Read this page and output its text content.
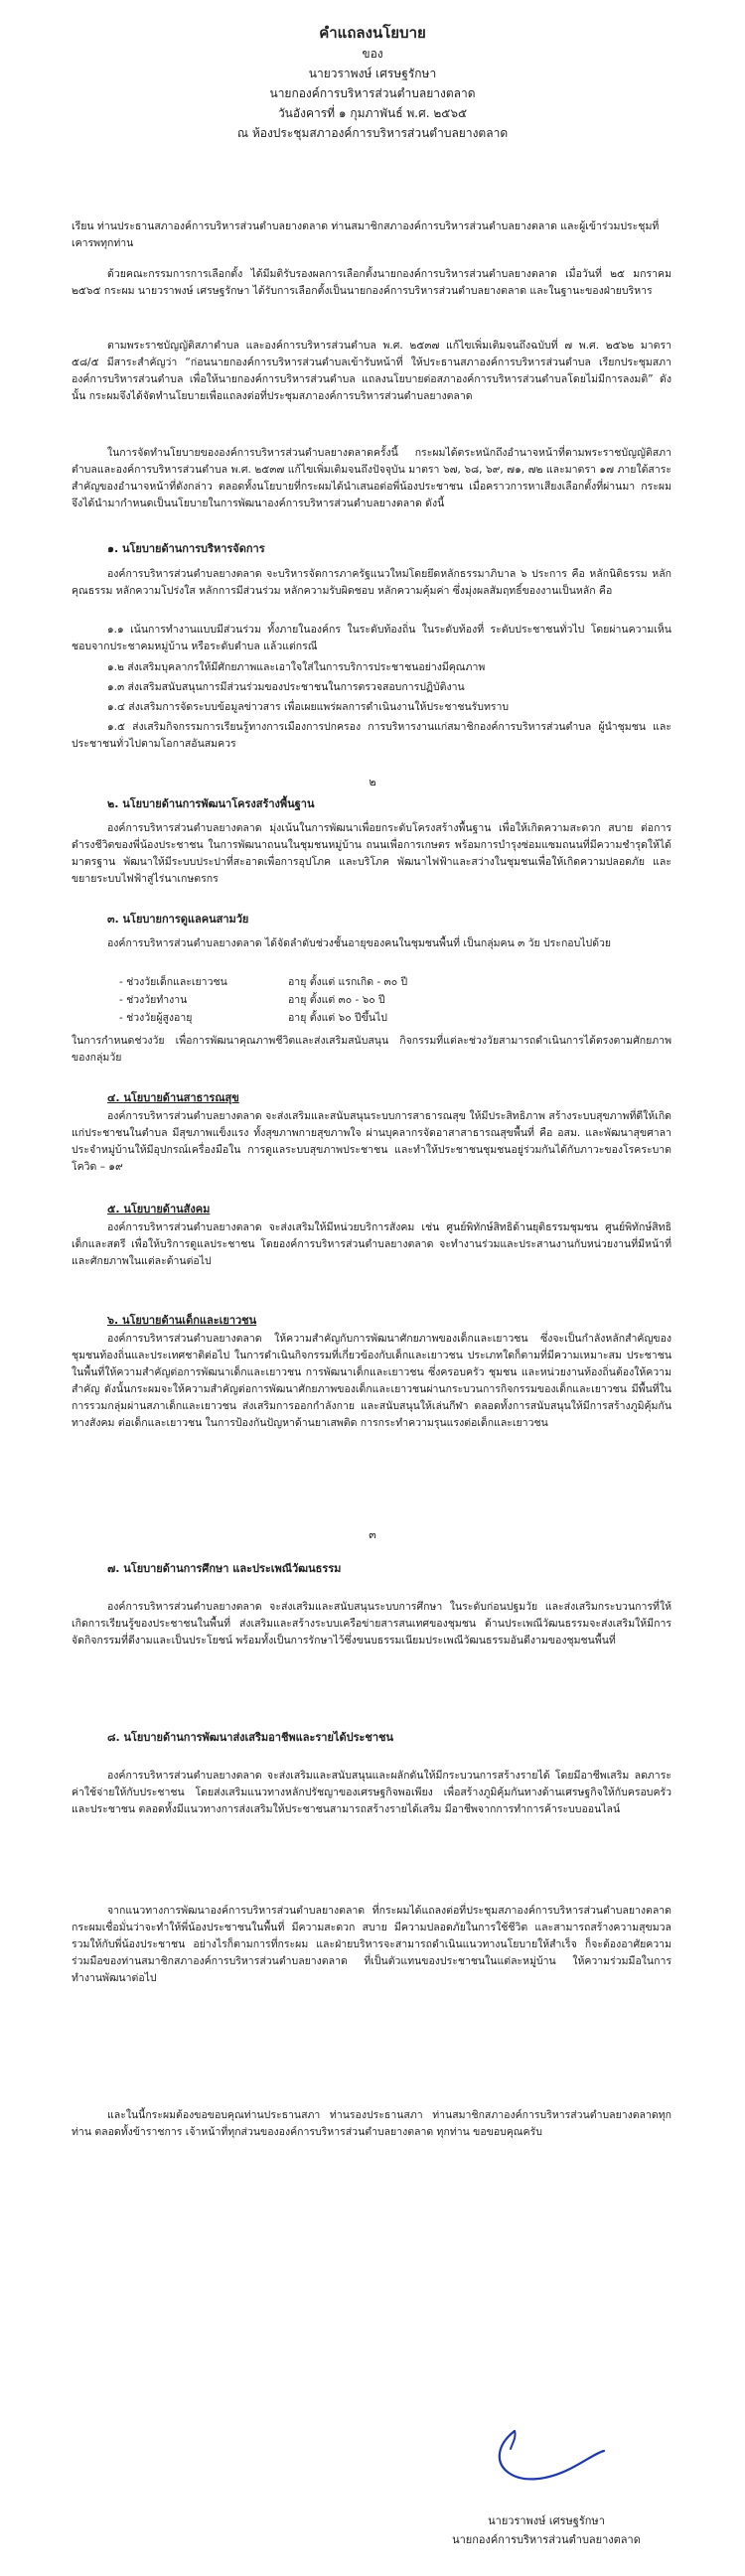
คำแถลงนโยบาย
ของ
นายวราพงษ์ เศรษฐรักษา
นายกองค์การบริหารส่วนตำบลยางตลาด
วันอังคารที่ ๑ กุมภาพันธ์ พ.ศ. ๒๕๖๕
ณ ห้องประชุมสภาองค์การบริหารส่วนตำบลยางตลาด
เรียน ท่านประธานสภาองค์การบริหารส่วนตำบลยางตลาด ท่านสมาชิกสภาองค์การบริหารส่วนตำบลยางตลาด และผู้เข้าร่วมประชุมที่เคารพทุกท่าน
ด้วยคณะกรรมการการเลือกตั้ง ได้มีมติรับรองผลการเลือกตั้งนายกองค์การบริหารส่วนตำบลยางตลาด เมื่อวันที่ ๒๕ มกราคม ๒๕๖๕ กระผม นายวราพงษ์ เศรษฐรักษา ได้รับการเลือกตั้งเป็นนายกองค์การบริหารส่วนตำบลยางตลาด และในฐานะของฝ่ายบริหาร
ตามพระราชบัญญัติสภาตำบล และองค์การบริหารส่วนตำบล พ.ศ. ๒๕๓๗ แก้ไขเพิ่มเติมจนถึงฉบับที่ ๗ พ.ศ. ๒๕๖๒ มาตรา ๕๘/๕ มีสาระสำคัญว่า “ก่อนนายกองค์การบริหารส่วนตำบลเข้ารับหน้าที่ ให้ประธานสภาองค์การบริหารส่วนตำบล เรียกประชุมสภาองค์การบริหารส่วนตำบล เพื่อให้นายกองค์การบริหารส่วนตำบล แถลงนโยบายต่อสภาองค์การบริหารส่วนตำบลโดยไม่มีการลงมติ” ดังนั้น กระผมจึงได้จัดทำนโยบายเพื่อแถลงต่อที่ประชุมสภาองค์การบริหารส่วนตำบลยางตลาด
ในการจัดทำนโยบายขององค์การบริหารส่วนตำบลยางตลาดครั้งนี้ กระผมได้ตระหนักถึงอำนาจหน้าที่ตามพระราชบัญญัติสภาตำบลและองค์การบริหารส่วนตำบล พ.ศ. ๒๕๓๗ แก้ไขเพิ่มเติมจนถึงปัจจุบัน มาตรา ๖๗, ๖๘, ๖๙, ๗๑, ๗๒ และมาตรา ๑๗ ภายใต้สาระสำคัญของอำนาจหน้าที่ดังกล่าว ตลอดทั้งนโยบายที่กระผมได้นำเสนอต่อพี่น้องประชาชน เมื่อคราวการหาเสียงเลือกตั้งที่ผ่านมา กระผมจึงได้นำมากำหนดเป็นนโยบายในการพัฒนาองค์การบริหารส่วนตำบลยางตลาด ดังนี้
๑. นโยบายด้านการบริหารจัดการ
องค์การบริหารส่วนตำบลยางตลาด จะบริหารจัดการภาครัฐแนวใหม่โดยยึดหลักธรรมาภิบาล ๖ ประการ คือ หลักนิติธรรม หลักคุณธรรม หลักความโปร่งใส หลักการมีส่วนร่วม หลักความรับผิดชอบ หลักความคุ้มค่า ซึ่งมุ่งผลสัมฤทธิ์ของงานเป็นหลัก คือ
๑.๑ เน้นการทำงานแบบมีส่วนร่วม ทั้งภายในองค์กร ในระดับท้องถิ่น ในระดับท้องที่ ระดับประชาชนทั่วไป โดยผ่านความเห็นชอบจากประชาคมหมู่บ้าน หรือระดับตำบล แล้วแต่กรณี
๑.๒ ส่งเสริมบุคลากรให้มีศักยภาพและเอาใจใส่ในการบริการประชาชนอย่างมีคุณภาพ
๑.๓ ส่งเสริมสนับสนุนการมีส่วนร่วมของประชาชนในการตรวจสอบการปฏิบัติงาน
๑.๔ ส่งเสริมการจัดระบบข้อมูลข่าวสาร เพื่อเผยแพร่ผลการดำเนินงานให้ประชาชนรับทราบ
๑.๕ ส่งเสริมกิจกรรมการเรียนรู้ทางการเมืองการปกครอง การบริหารงานแก่สมาชิกองค์การบริหารส่วนตำบล ผู้นำชุมชน และประชาชนทั่วไปตามโอกาสอันสมควร
๒
๒. นโยบายด้านการพัฒนาโครงสร้างพื้นฐาน
องค์การบริหารส่วนตำบลยางตลาด มุ่งเน้นในการพัฒนาเพื่อยกระดับโครงสร้างพื้นฐาน เพื่อให้เกิดความสะดวก สบาย ต่อการดำรงชีวิตของพี่น้องประชาชน ในการพัฒนาถนนในชุมชนหมู่บ้าน ถนนเพื่อการเกษตร พร้อมการบำรุงซ่อมแซมถนนที่มีความชำรุดให้ได้มาตรฐาน พัฒนาให้มีระบบประปาที่สะอาดเพื่อการอุปโภค และบริโภค พัฒนาไฟฟ้าและสว่างในชุมชนเพื่อให้เกิดความปลอดภัย และขยายระบบไฟฟ้าสู่ไร่นาเกษตรกร
๓. นโยบายการดูแลคนสามวัย
องค์การบริหารส่วนตำบลยางตลาด ได้จัดลำดับช่วงชั้นอายุของคนในชุมชนพื้นที่ เป็นกลุ่มคน ๓ วัย ประกอบไปด้วย
- ช่วงวัยเด็กและเยาวชน	อายุ ตั้งแต่ แรกเกิด - ๓๐ ปี
- ช่วงวัยทำงาน	อายุ ตั้งแต่ ๓๐ - ๖๐ ปี
- ช่วงวัยผู้สูงอายุ	อายุ ตั้งแต่ ๖๐ ปีขึ้นไป
ในการกำหนดช่วงวัย เพื่อการพัฒนาคุณภาพชีวิตและส่งเสริมสนับสนุน กิจกรรมที่แต่ละช่วงวัยสามารถดำเนินการได้ตรงตามศักยภาพของกลุ่มวัย
๔. นโยบายด้านสาธารณสุข
องค์การบริหารส่วนตำบลยางตลาด จะส่งเสริมและสนับสนุนระบบการสาธารณสุข ให้มีประสิทธิภาพ สร้างระบบสุขภาพที่ดีให้เกิดแก่ประชาชนในตำบล มีสุขภาพแข็งแรง ทั้งสุขภาพกายสุขภาพใจ ผ่านบุคลากรจัดอาสาสาธารณสุขพื้นที่ คือ อสม. และพัฒนาสุขศาลาประจำหมู่บ้านให้มีอุปกรณ์เครื่องมือใน การดูแลระบบสุขภาพประชาชน และทำให้ประชาชนชุมชนอยู่ร่วมกันได้กับภาวะของโรคระบาดโควิด – ๑๙
๕. นโยบายด้านสังคม
องค์การบริหารส่วนตำบลยางตลาด จะส่งเสริมให้มีหน่วยบริการสังคม เช่น ศูนย์พิทักษ์สิทธิด้านยุติธรรมชุมชน ศูนย์พิทักษ์สิทธิเด็กและสตรี เพื่อให้บริการดูแลประชาชน โดยองค์การบริหารส่วนตำบลยางตลาด จะทำงานร่วมและประสานงานกับหน่วยงานที่มีหน้าที่ และศักยภาพในแต่ละด้านต่อไป
๖. นโยบายด้านเด็กและเยาวชน
องค์การบริหารส่วนตำบลยางตลาด ให้ความสำคัญกับการพัฒนาศักยภาพของเด็กและเยาวชน ซึ่งจะเป็นกำลังหลักสำคัญของชุมชนท้องถิ่นและประเทศชาติต่อไป ในการดำเนินกิจกรรมที่เกี่ยวข้องกับเด็กและเยาวชน ประเภทใดก็ตามที่มีความเหมาะสม ประชาชนในพื้นที่ให้ความสำคัญต่อการพัฒนาเด็กและเยาวชน การพัฒนาเด็กและเยาวชน ซึ่งครอบครัว ชุมชน และหน่วยงานท้องถิ่นต้องให้ความสำคัญ ดังนั้นกระผมจะให้ความสำคัญต่อการพัฒนาศักยภาพของเด็กและเยาวชนผ่านกระบวนการกิจกรรมของเด็กและเยาวชน มีพื้นที่ในการรวมกลุ่มผ่านสภาเด็กและเยาวชน ส่งเสริมการออกกำลังกาย และสนับสนุนให้เล่นกีฬา ตลอดทั้งการสนับสนุนให้มีการสร้างภูมิคุ้มกันทางสังคม ต่อเด็กและเยาวชน ในการป้องกันปัญหาด้านยาเสพติด การกระทำความรุนแรงต่อเด็กและเยาวชน
๓
๗. นโยบายด้านการศึกษา และประเพณีวัฒนธรรม
องค์การบริหารส่วนตำบลยางตลาด จะส่งเสริมและสนับสนุนระบบการศึกษา ในระดับก่อนปฐมวัย และส่งเสริมกระบวนการที่ให้เกิดการเรียนรู้ของประชาชนในพื้นที่ ส่งเสริมและสร้างระบบเครือข่ายสารสนเทศของชุมชน ด้านประเพณีวัฒนธรรมจะส่งเสริมให้มีการจัดกิจกรรมที่ดีงามและเป็นประโยชน์ พร้อมทั้งเป็นการรักษาไว้ซึ่งขนบธรรมเนียมประเพณีวัฒนธรรมอันดีงามของชุมชนพื้นที่
๘. นโยบายด้านการพัฒนาส่งเสริมอาชีพและรายได้ประชาชน
องค์การบริหารส่วนตำบลยางตลาด จะส่งเสริมและสนับสนุนและผลักดันให้มีกระบวนการสร้างรายได้ โดยมีอาชีพเสริม ลดภาระค่าใช้จ่ายให้กับประชาชน โดยส่งเสริมแนวทางหลักปรัชญาของเศรษฐกิจพอเพียง เพื่อสร้างภูมิคุ้มกันทางด้านเศรษฐกิจให้กับครอบครัวและประชาชน ตลอดทั้งมีแนวทางการส่งเสริมให้ประชาชนสามารถสร้างรายได้เสริม มีอาชีพจากการทำการค้าระบบออนไลน์
จากแนวทางการพัฒนาองค์การบริหารส่วนตำบลยางตลาด ที่กระผมได้แถลงต่อที่ประชุมสภาองค์การบริหารส่วนตำบลยางตลาด กระผมเชื่อมั่นว่าจะทำให้พี่น้องประชาชนในพื้นที่ มีความสะดวก สบาย มีความปลอดภัยในการใช้ชีวิต และสามารถสร้างความสุขมวลรวมให้กับพี่น้องประชาชน อย่างไรก็ตามการที่กระผม และฝ่ายบริหารจะสามารถดำเนินแนวทางนโยบายให้สำเร็จ ก็จะต้องอาศัยความร่วมมือของท่านสมาชิกสภาองค์การบริหารส่วนตำบลยางตลาด ที่เป็นตัวแทนของประชาชนในแต่ละหมู่บ้าน ให้ความร่วมมือในการทำงานพัฒนาต่อไป
และในนี้กระผมต้องขอขอบคุณท่านประธานสภา ท่านรองประธานสภา ท่านสมาชิกสภาองค์การบริหารส่วนตำบลยางตลาดทุกท่าน ตลอดทั้งข้าราชการ เจ้าหน้าที่ทุกส่วนขององค์การบริหารส่วนตำบลยางตลาด ทุกท่าน ขอขอบคุณครับ
นายวราพงษ์ เศรษฐรักษา
นายกองค์การบริหารส่วนตำบลยางตลาด
